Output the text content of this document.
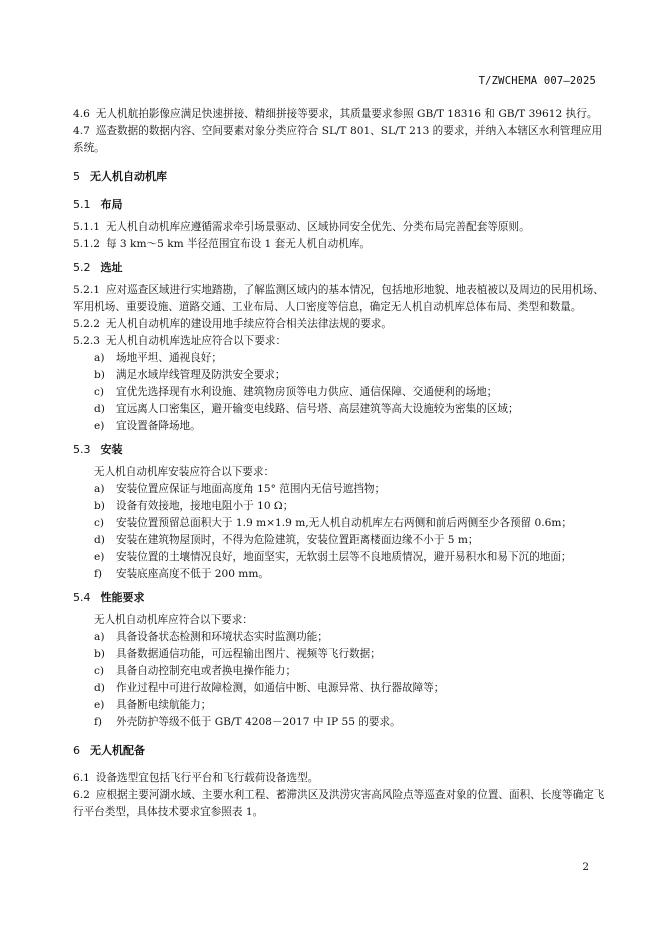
T/ZWCHEMA 007—2025

4.6 无人机航拍影像应满足快速拼接、精细拼接等要求，其质量要求参照 GB/T 18316 和 GB/T 39612 执行。

4.7 巡查数据的数据内容、空间要素对象分类应符合 SL/T 801、SL/T 213 的要求，并纳入本辖区水利管理应用系统。

5 无人机自动机库

5.1 布局

5.1.1 无人机自动机库应遵循需求牵引场景驱动、区域协同安全优先、分类布局完善配套等原则。

5.1.2 每 3 km～5 km 半径范围宜布设 1 套无人机自动机库。

5.2 选址

5.2.1 应对巡查区域进行实地踏勘，了解监测区域内的基本情况，包括地形地貌、地表植被以及周边的民用机场、军用机场、重要设施、道路交通、工业布局、人口密度等信息，确定无人机自动机库总体布局、类型和数量。

5.2.2 无人机自动机库的建设用地手续应符合相关法律法规的要求。

5.2.3 无人机自动机库选址应符合以下要求：

a) 场地平坦、通视良好；
b) 满足水域岸线管理及防洪安全要求；
c) 宜优先选择现有水利设施、建筑物房顶等电力供应、通信保障、交通便利的场地；
d) 宜远离人口密集区，避开输变电线路、信号塔、高层建筑等高大设施较为密集的区域；
e) 宜设置备降场地。

5.3 安装

无人机自动机库安装应符合以下要求：

a) 安装位置应保证与地面高度角 15° 范围内无信号遮挡物；
b) 设备有效接地，接地电阻小于 10 Ω；
c) 安装位置预留总面积大于 1.9 m×1.9 m,无人机自动机库左右两侧和前后两侧至少各预留 0.6m；
d) 安装在建筑物屋顶时，不得为危险建筑，安装位置距离楼面边缘不小于 5 m；
e) 安装位置的土壤情况良好，地面坚实，无软弱土层等不良地质情况，避开易积水和易下沉的地面；
f) 安装底座高度不低于 200 mm。

5.4 性能要求

无人机自动机库应符合以下要求：

a) 具备设备状态检测和环境状态实时监测功能；
b) 具备数据通信功能，可远程输出图片、视频等飞行数据；
c) 具备自动控制充电或者换电操作能力；
d) 作业过程中可进行故障检测，如通信中断、电源异常、执行器故障等；
e) 具备断电续航能力；
f) 外壳防护等级不低于 GB/T 4208－2017 中 IP 55 的要求。

6 无人机配备

6.1 设备选型宜包括飞行平台和飞行载荷设备选型。

6.2 应根据主要河湖水域、主要水利工程、蓄滞洪区及洪涝灾害高风险点等巡查对象的位置、面积、长度等确定飞行平台类型，具体技术要求宜参照表 1。

2
